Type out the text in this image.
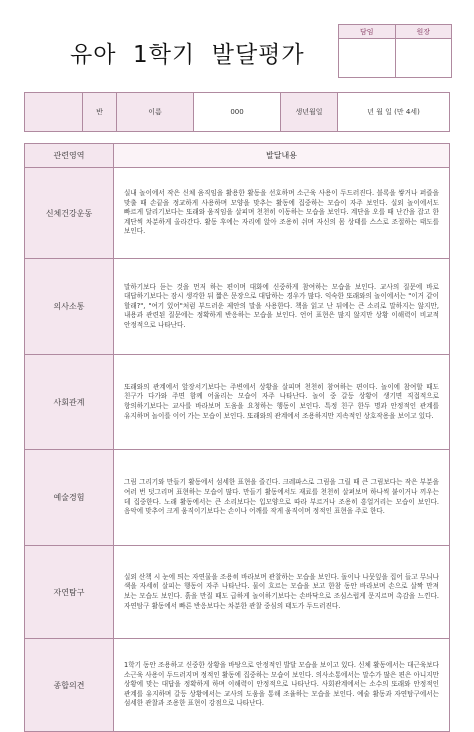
유아  1학기  발달평가
담임	원장

	반	이름	000	생년월일	년 월 일 (만 4세)
관련영역	발달내용
신체건강운동	실내 놀이에서 작은 신체 움직임을 활용한 활동을 선호하며 소근육 사용이 두드러진다. 블록을 쌓거나 퍼즐을 맞출 때 손끝을 정교하게 사용하며 모양을 맞추는 활동에 집중하는 모습이 자주 보인다. 실외 놀이에서도 빠르게 달리기보다는 또래와 움직임을 살피며 천천히 이동하는 모습을 보인다. 계단을 오를 때 난간을 잡고 한 계단씩 차분하게 올라간다. 활동 후에는 자리에 앉아 조용히 쉬며 자신의 몸 상태를 스스로 조절하는 태도를 보인다.

의사소통	말하기보다 듣는 것을 먼저 하는 편이며 대화에 신중하게 참여하는 모습을 보인다. 교사의 질문에 바로 대답하기보다는 잠시 생각한 뒤 짧은 문장으로 대답하는 경우가 많다. 익숙한 또래와의 놀이에서는 "이거 같이 할래?", "여기 있어"처럼 부드러운 제안의 말을 사용한다. 책을 읽고 난 뒤에는 큰 소리로 말하지는 않지만, 내용과 관련된 질문에는 정확하게 반응하는 모습을 보인다. 언어 표현은 많지 않지만 상황 이해력이 비교적 안정적으로 나타난다.

사회관계	또래와의 관계에서 앞장서기보다는 주변에서 상황을 살피며 천천히 참여하는 편이다. 놀이에 참여할 때도 친구가 다가와 주면 함께 어울리는 모습이 자주 나타난다. 놀이 중 갈등 상황이 생기면 직접적으로 항의하기보다는 교사를 바라보며 도움을 요청하는 행동이 보인다. 특정 친구 한두 명과 안정적인 관계를 유지하며 놀이를 이어 가는 모습이 보인다. 또래와의 관계에서 조용하지만 지속적인 상호작용을 보이고 있다.

예술경험	그림 그리기와 만들기 활동에서 섬세한 표현을 즐긴다. 크레파스로 그림을 그릴 때 큰 그림보다는 작은 부분을 여러 번 덧그리며 표현하는 모습이 많다. 만들기 활동에서도 재료를 천천히 살펴보며 하나씩 붙이거나 끼우는 데 집중한다. 노래 활동에서는 큰 소리보다는 입모양으로 따라 부르거나 조용히 흥얼거리는 모습이 보인다. 음악에 맞추어 크게 움직이기보다는 손이나 어깨를 작게 움직이며 정적인 표현을 주로 한다.

자연탐구	실외 산책 시 눈에 띄는 자연물을 조용히 바라보며 관찰하는 모습을 보인다. 돌이나 나뭇잎을 집어 들고 무늬나 색을 자세히 살피는 행동이 자주 나타난다. 물이 흐르는 모습을 보고 한참 동안 바라보며 손으로 살짝 만져 보는 모습도 보인다. 흙을 만질 때도 급하게 놀이하기보다는 손바닥으로 조심스럽게 문지르며 촉감을 느낀다. 자연탐구 활동에서 빠른 반응보다는 차분한 관찰 중심의 태도가 두드러진다.

종합의견	1학기 동안 조용하고 신중한 상황을 바탕으로 안정적인 발달 모습을 보이고 있다. 신체 활동에서는 대근육보다 소근육 사용이 두드러지며 정적인 활동에 집중하는 모습이 보인다. 의사소통에서는 말수가 많은 편은 아니지만 상황에 맞는 대답을 정확하게 하며 이해력이 안정적으로 나타난다. 사회관계에서는 소수의 또래와 안정적인 관계를 유지하며 갈등 상황에서는 교사의 도움을 통해 조율하는 모습을 보인다. 예술 활동과 자연탐구에서는 섬세한 관찰과 조용한 표현이 강점으로 나타난다.
